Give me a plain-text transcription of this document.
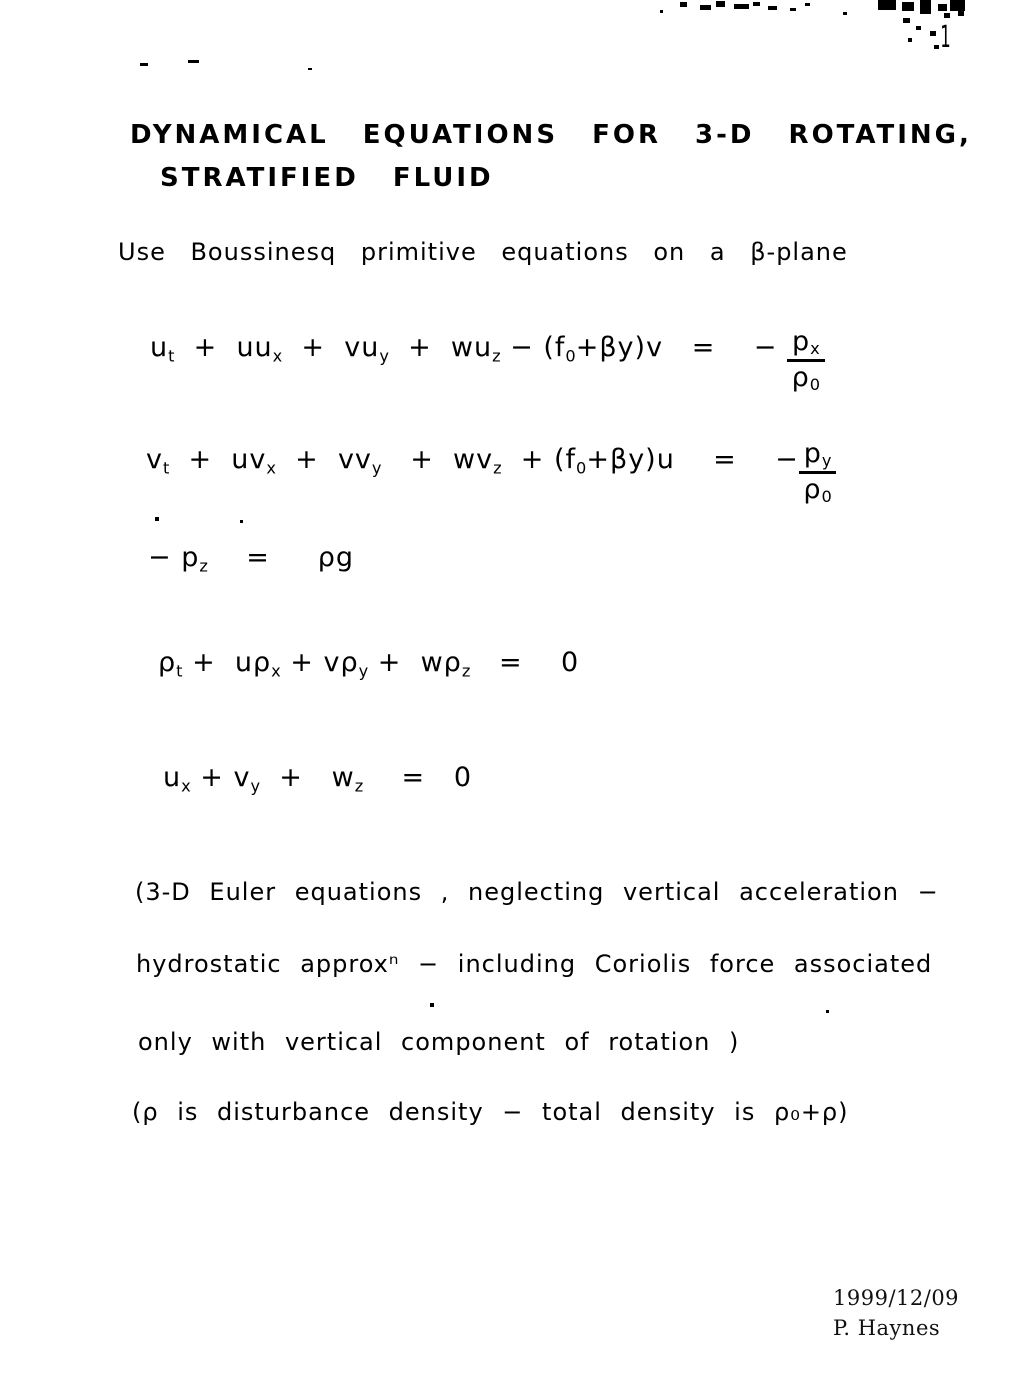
1
DYNAMICAL EQUATIONS FOR 3-D ROTATING,
STRATIFIED FLUID
Use Boussinesq primitive equations on a β-plane
$u_t + uu_x + vu_y + wu_z - (f_0+\beta y)v$   =    − $\frac{p_x}{\rho_0}$
$v_t + uv_x + vv_y + wv_z + (f_0+\beta y)u$    =    − $\frac{p_y}{\rho_0}$
− $p_z$    =     ρg
$\rho_t + u\rho_x + v\rho_y + w\rho_z$   =    0
$u_x + v_y + w_z$    =   0
(3-D Euler equations , neglecting vertical acceleration −
hydrostatic approxⁿ − including Coriolis force associated
only with vertical component of rotation )
(ρ is disturbance density − total density is ρ₀+ρ)
1999/12/09
P. Haynes
